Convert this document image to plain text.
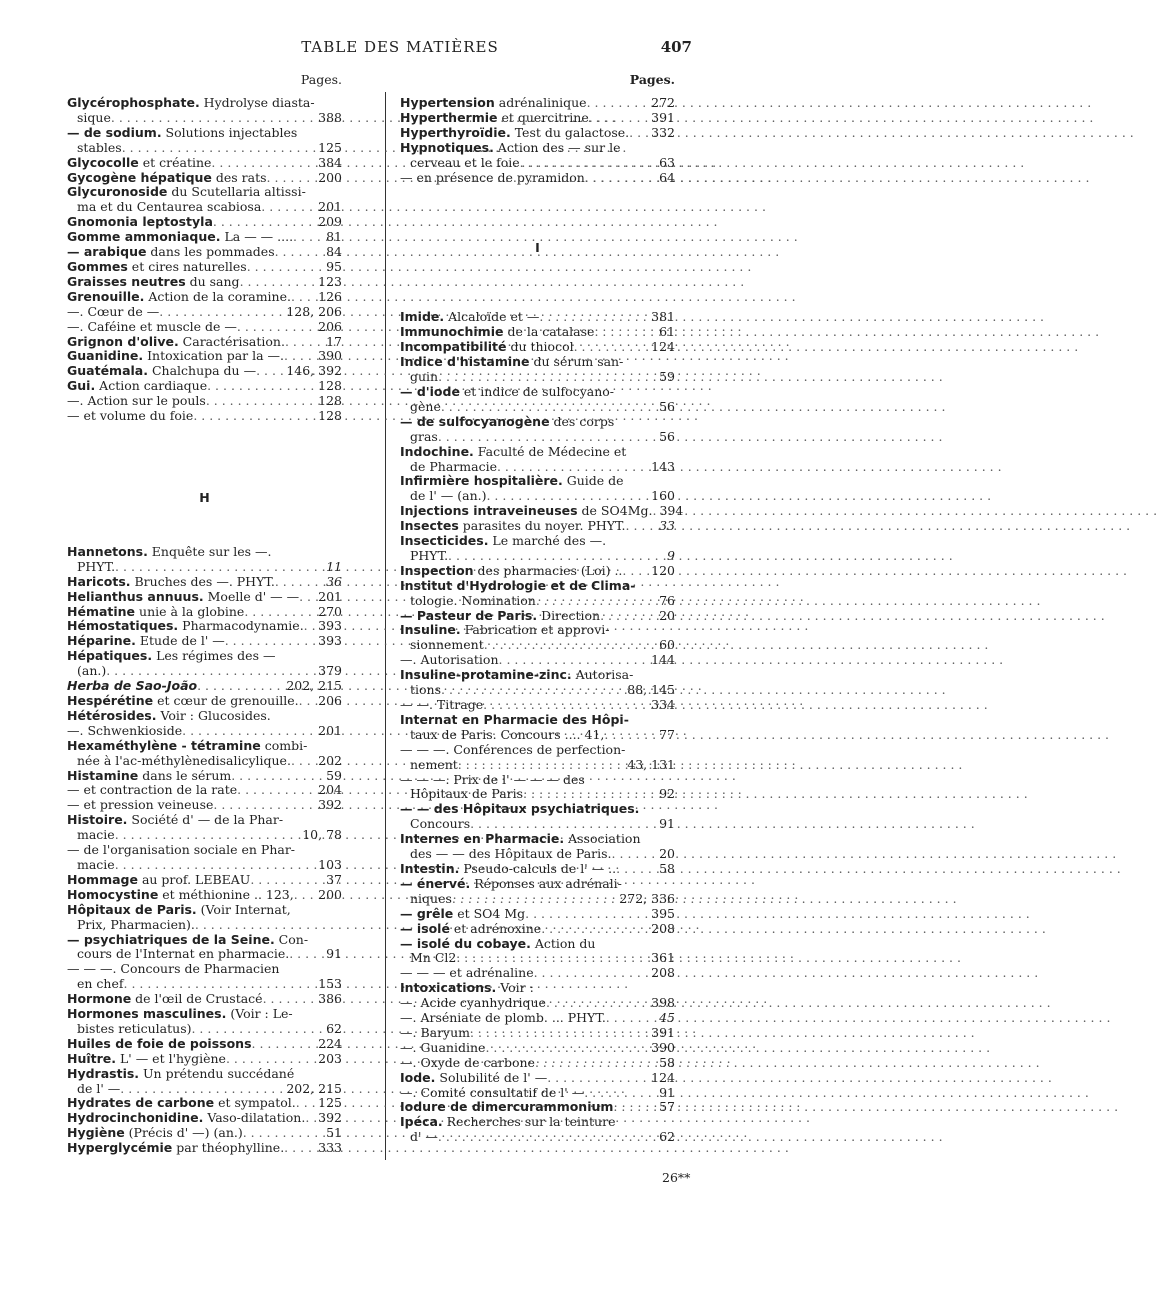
TABLE DES MATIÈRES	407
Pages.
Glycérophosphate. Hydrolyse diasta-
sique . . .	388
— de sodium. Solutions injectables
stables . . .	125
Glycocolle et créatine . . .	384
Gycogène hépatique des rats . . .	200
Glycuronoside du Scutellaria altissi-
ma et du Centaurea scabiosa . . .	201
Gnomonia leptostyla . . .	209
Gomme ammoniaque. La — — .... . . .	81
— arabique dans les pommades . . .	84
Gommes et cires naturelles . . .	95
Graisses neutres du sang . . .	123
Grenouille. Action de la coramine. . . . 126
—. Cœur de — . . .	128, 206
—. Caféine et muscle de — . . .	206
Grignon d'olive. Caractérisation. . . .	17
Guanidine. Intoxication par la —. . . .	390
Guatémala. Chalchupa du — . . . 146, 392
Gui. Action cardiaque . . .	128
—. Action sur le pouls . . .	128
— et volume du foie . . .	128
H
Hannetons. Enquête sur les —.
PHYT. . . .	11
Haricots. Bruches des —. PHYT. . . .	36
Helianthus annuus. Moelle d' — — . . . 201
Hématine unie à la globine . . .	270
Hémostatiques. Pharmacodynamie. . . . 393
Héparine. Etude de l' — . . .	393
Hépatiques. Les régimes des —
(an.) . . .	379
Herba de Sao-João . . .	202, 215
Hespérétine et cœur de grenouille. . . . 206
Hétérosides. Voir : Glucosides.
—. Schwenkioside . . .	201
Hexaméthylène - tétramine combi-
née à l'ac-méthylènedisalicylique. . . . 202
Histamine dans le sérum . . .	59
— et contraction de la rate . . .	204
— et pression veineuse . . .	392
Histoire. Société d' — de la Phar-
macie . . .	10, 78
— de l'organisation sociale en Phar-
macie . . .	103
Hommage au prof. LEBEAU . . .	37
Homocystine et méthionine .. 123, . . . 200
Hôpitaux de Paris. (Voir Internat,
Prix, Pharmacien).
. . .
— psychiatriques de la Seine. Con-
cours de l'Internat en pharmacie. . . .	91
— — —. Concours de Pharmacien
en chef . . .	153
Hormone de l'œil de Crustacé . . .	386
Hormones masculines. (Voir : Le-
bistes reticulatus) . . .	62
Huiles de foie de poissons . . .	224
Huître. L' — et l'hygiène . . .	203
Hydrastis. Un prétendu succédané
de l' — . . .	202, 215
Hydrates de carbone et sympatol. . . . 125
Hydrocinchonidine. Vaso-dilatation. . . . 392
Hygiène (Précis d' —) (an.) . . .	51
Hyperglycémie par théophylline. . . .	333
Pages.
Hypertension adrénalinique . . .	272
Hyperthermie et quercitrine . . .	391
Hyperthyroïdie. Test du galactose. . . . 332
Hypnotiques. Action des — sur le
cerveau et le foie . . .	63
— en présence de pyramidon . . .	64
I
Imide. Alcaloïde et — . . .	381
Immunochimie de la catalase . . .	61
Incompatibilité du thiocol . . .	124
Indice d'histamine du sérum san-
guin . . .	59
— d'iode et indice de sulfocyano-
gène . . .	56
— de sulfocyanogène des corps
gras . . .	56
Indochine. Faculté de Médecine et
de Pharmacie . . .	143
Infirmière hospitalière. Guide de
de l' — (an.) . . .	160
Injections intraveineuses de SO4Mg. . . . 394
Insectes parasites du noyer. PHYT. . . .	33
Insecticides. Le marché des —.
PHYT. . . .	9
Inspection des pharmacies (Loi) .. . . . 120
Institut d'Hydrologie et de Clima-
tologie. Nomination . . .	76
— Pasteur de Paris. Direction . . .	20
Insuline. Fabrication et approvi-
sionnement . . .	60
—. Autorisation . . .	144
Insuline-protamine-zinc. Autorisa-
tions . . .	88, 145
— —. Titrage . . .	334
Internat en Pharmacie des Hôpi-
taux de Paris. Concours .... 41, . . .	77
— — —. Conférences de perfection-
nement . . .	43, 131
— — —. Prix de l' — — — des
Hôpitaux de Paris . . .	92
— — des Hôpitaux psychiatriques.
Concours . . .	91
Internes en Pharmacie. Association
des — — des Hôpitaux de Paris. . . .	20
Intestin. Pseudo-calculs de l' — .. . . .	58
— énervé. Réponses aux adrénali-
niques . . .	272, 336
— grêle et SO4 Mg . . .	395
— isolé et adrénoxine . . .	208
— isolé du cobaye. Action du
Mn Cl2 . . .	361
— — — et adrénaline . . .	208
Intoxications. Voir :
—. Acide cyanhydrique . . .	398
—. Arséniate de plomb. ... PHYT. . . .	45
—. Baryum . . .	391
—. Guanidine . . .	390
—. Oxyde de carbone . . .	58
Iode. Solubilité de l' — . . .	124
—. Comité consultatif de l' — . . .	91
Iodure de dimercurammonium . . .	57
Ipéca. Recherches sur la teinture
d' — . . .	62
26**
